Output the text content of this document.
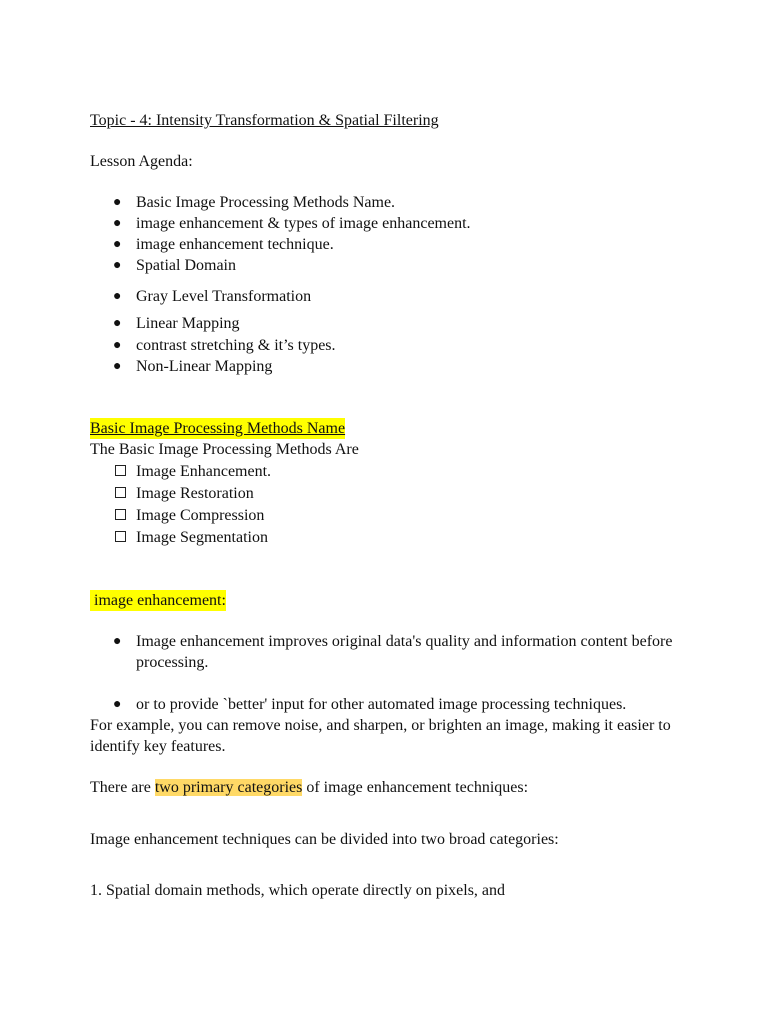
Topic - 4: Intensity Transformation & Spatial Filtering
Lesson Agenda:
● Basic Image Processing Methods Name.
● image enhancement & types of image enhancement.
● image enhancement technique.
● Spatial Domain
● Gray Level Transformation
● Linear Mapping
● contrast stretching & it’s types.
● Non-Linear Mapping
Basic Image Processing Methods Name
The Basic Image Processing Methods Are
Image Enhancement.
Image Restoration
Image Compression
Image Segmentation
image enhancement:
● Image enhancement improves original data's quality and information content before processing.
● or to provide `better' input for other automated image processing techniques.
For example, you can remove noise, and sharpen, or brighten an image, making it easier to identify key features.
There are two primary categories of image enhancement techniques:
Image enhancement techniques can be divided into two broad categories:
1. Spatial domain methods, which operate directly on pixels, and
